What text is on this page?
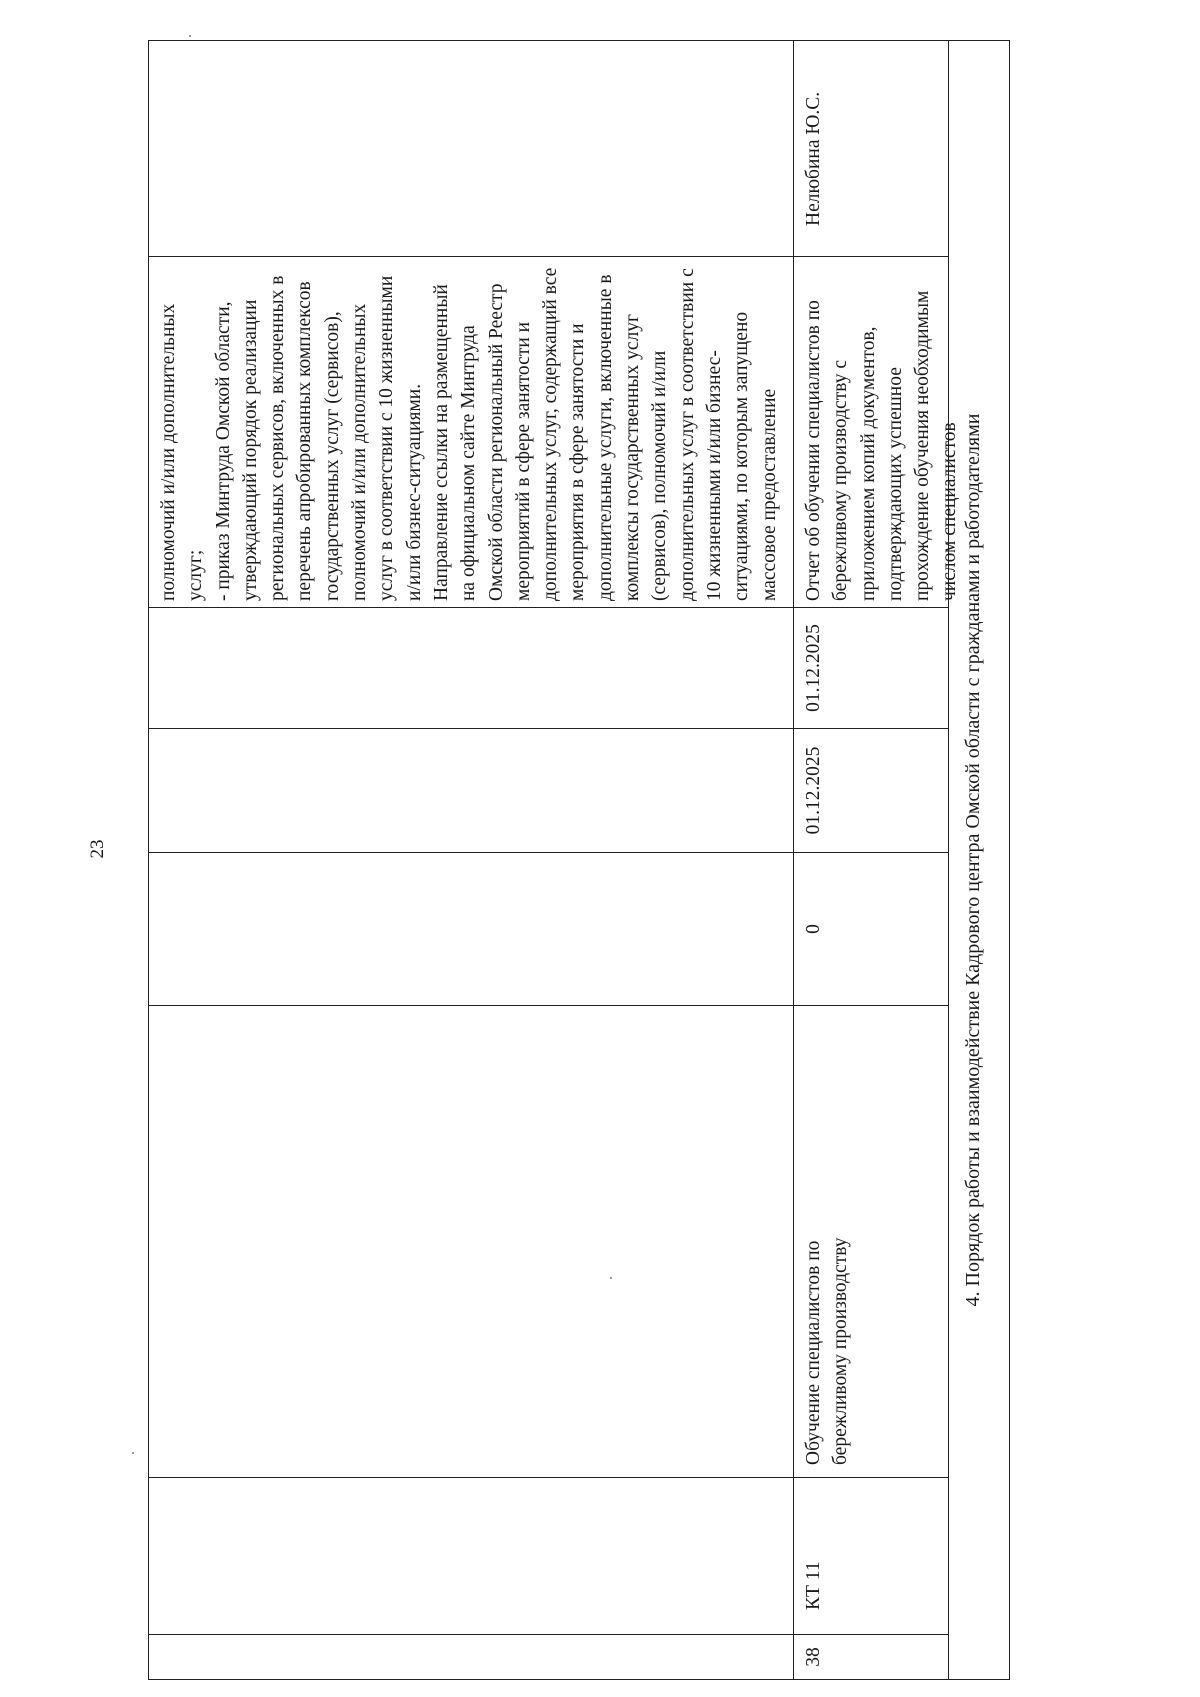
23
полномочий и/или дополнительных услуг;
- приказ Минтруда Омской области, утверждающий порядок реализации региональных сервисов, включенных в перечень апробированных комплексов государственных услуг (сервисов), полномочий и/или дополнительных услуг в соответствии с 10 жизненными и/или бизнес-ситуациями.
Направление ссылки на размещенный на официальном сайте Минтруда Омской области региональный Реестр мероприятий в сфере занятости и дополнительных услуг, содержащий все мероприятия в сфере занятости и дополнительные услуги, включенные в комплексы государственных услуг (сервисов), полномочий и/или дополнительных услуг в соответствии с 10 жизненными и/или бизнес-ситуациями, по которым запущено массовое предоставление
38
КТ 11
Обучение специалистов по бережливому производству
0
01.12.2025
01.12.2025
Отчет об обучении специалистов по бережливому производству с приложением копий документов, подтверждающих успешное прохождение обучения необходимым числом специалистов
Нелюбина Ю.С.
4. Порядок работы и взаимодействие Кадрового центра Омской области с гражданами и работодателями
